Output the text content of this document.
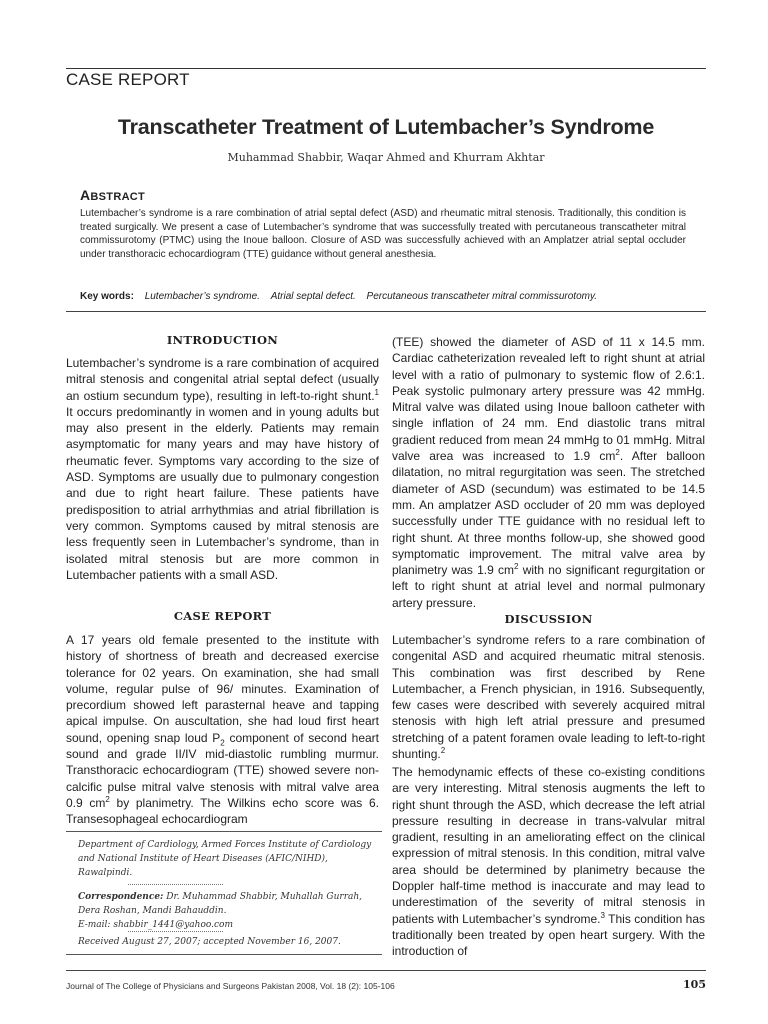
CASE REPORT
Transcatheter Treatment of Lutembacher’s Syndrome
Muhammad Shabbir, Waqar Ahmed and Khurram Akhtar
ABSTRACT
Lutembacher’s syndrome is a rare combination of atrial septal defect (ASD) and rheumatic mitral stenosis. Traditionally, this condition is treated surgically. We present a case of Lutembacher’s syndrome that was successfully treated with percutaneous transcatheter mitral commissurotomy (PTMC) using the Inoue balloon. Closure of ASD was successfully achieved with an Amplatzer atrial septal occluder under transthoracic echocardiogram (TTE) guidance without general anesthesia.
Key words: Lutembacher’s syndrome. Atrial septal defect. Percutaneous transcatheter mitral commissurotomy.
INTRODUCTION
Lutembacher’s syndrome is a rare combination of acquired mitral stenosis and congenital atrial septal defect (usually an ostium secundum type), resulting in left-to-right shunt.$^1$ It occurs predominantly in women and in young adults but may also present in the elderly. Patients may remain asymptomatic for many years and may have history of rheumatic fever. Symptoms vary according to the size of ASD. Symptoms are usually due to pulmonary congestion and due to right heart failure. These patients have predisposition to atrial arrhythmias and atrial fibrillation is very common. Symptoms caused by mitral stenosis are less frequently seen in Lutembacher’s syndrome, than in isolated mitral stenosis but are more common in Lutembacher patients with a small ASD.
CASE REPORT
A 17 years old female presented to the institute with history of shortness of breath and decreased exercise tolerance for 02 years. On examination, she had small volume, regular pulse of 96/ minutes. Examination of precordium showed left parasternal heave and tapping apical impulse. On auscultation, she had loud first heart sound, opening snap loud $P_2$ component of second heart sound and grade II/IV mid-diastolic rumbling murmur. Transthoracic echocardiogram (TTE) showed severe non-calcific pulse mitral valve stenosis with mitral valve area 0.9 $cm^2$ by planimetry. The Wilkins echo score was 6. Transesophageal echocardiogram
Department of Cardiology, Armed Forces Institute of Cardiology and National Institute of Heart Diseases (AFIC/NIHD), Rawalpindi.
Correspondence: Dr. Muhammad Shabbir, Muhallah Gurrah, Dera Roshan, Mandi Bahauddin.
E-mail: shabbir_1441@yahoo.com
Received August 27, 2007; accepted November 16, 2007.
(TEE) showed the diameter of ASD of 11 x 14.5 mm. Cardiac catheterization revealed left to right shunt at atrial level with a ratio of pulmonary to systemic flow of 2.6:1. Peak systolic pulmonary artery pressure was 42 mmHg. Mitral valve was dilated using Inoue balloon catheter with single inflation of 24 mm. End diastolic trans mitral gradient reduced from mean 24 mmHg to 01 mmHg. Mitral valve area was increased to 1.9 $cm^2$. After balloon dilatation, no mitral regurgitation was seen. The stretched diameter of ASD (secundum) was estimated to be 14.5 mm. An amplatzer ASD occluder of 20 mm was deployed successfully under TTE guidance with no residual left to right shunt. At three months follow-up, she showed good symptomatic improvement. The mitral valve area by planimetry was 1.9 $cm^2$ with no significant regurgitation or left to right shunt at atrial level and normal pulmonary artery pressure.
DISCUSSION
Lutembacher’s syndrome refers to a rare combination of congenital ASD and acquired rheumatic mitral stenosis. This combination was first described by Rene Lutembacher, a French physician, in 1916. Subsequently, few cases were described with severely acquired mitral stenosis with high left atrial pressure and presumed stretching of a patent foramen ovale leading to left-to-right shunting.$^2$
The hemodynamic effects of these co-existing conditions are very interesting. Mitral stenosis augments the left to right shunt through the ASD, which decrease the left atrial pressure resulting in decrease in trans-valvular mitral gradient, resulting in an ameliorating effect on the clinical expression of mitral stenosis. In this condition, mitral valve area should be determined by planimetry because the Doppler half-time method is inaccurate and may lead to underestimation of the severity of mitral stenosis in patients with Lutembacher’s syndrome.$^3$ This condition has traditionally been treated by open heart surgery. With the introduction of
Journal of The College of Physicians and Surgeons Pakistan 2008, Vol. 18 (2): 105-106	105
